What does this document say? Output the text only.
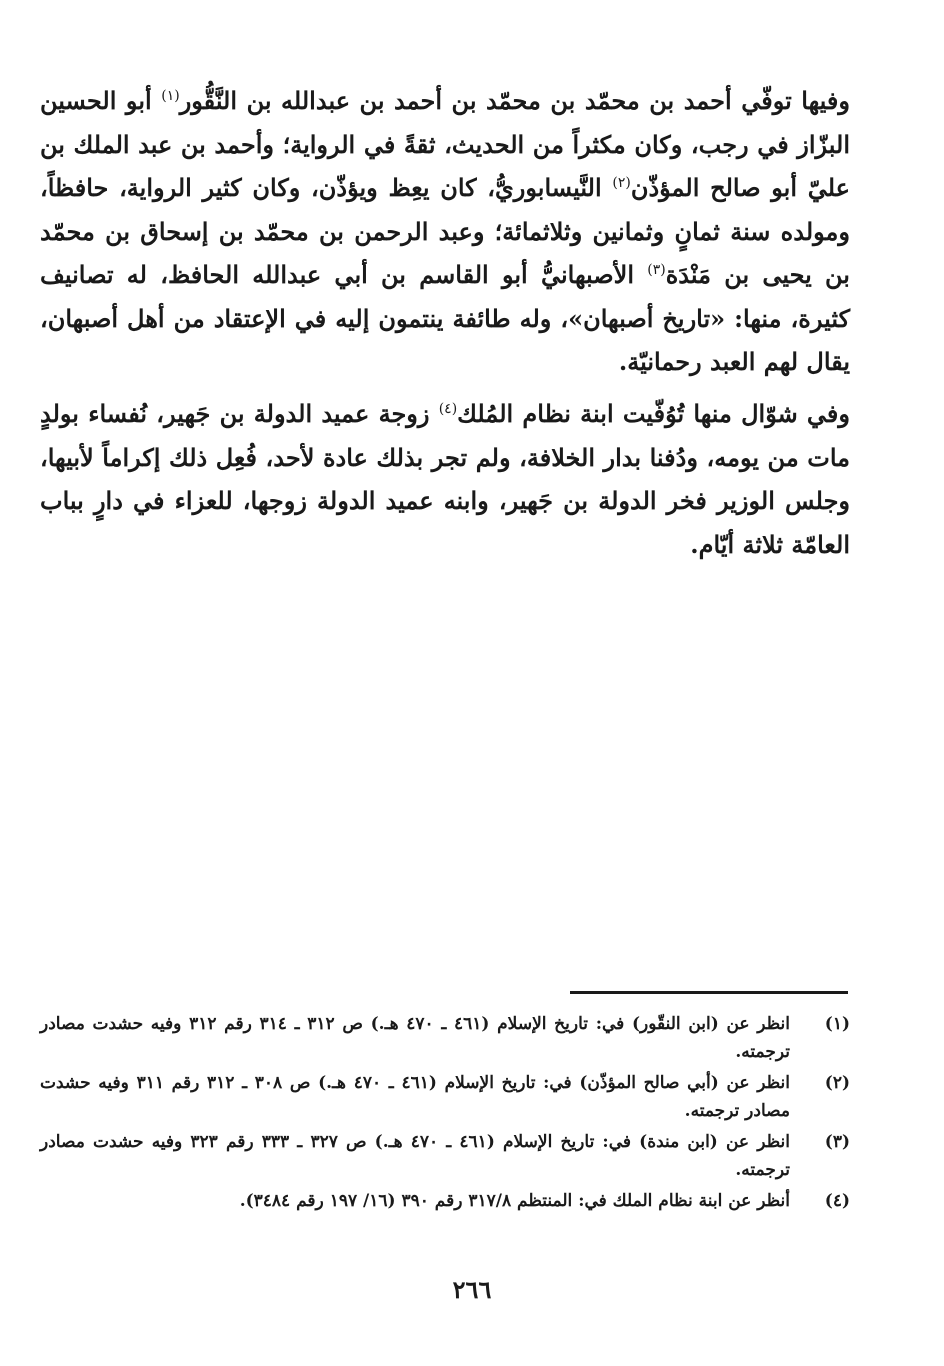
وفيها توفّي أحمد بن محمّد بن محمّد بن أحمد بن عبدالله بن النَّقُّور$^{(١)}$ أبو الحسين البزّاز في رجب، وكان مكثراً من الحديث، ثقةً في الرواية؛ وأحمد بن عبد الملك بن عليّ أبو صالح المؤذّن$^{(٢)}$ النَّيسابوريُّ، كان يعِظ ويؤذّن، وكان كثير الرواية، حافظاً، ومولده سنة ثمانٍ وثمانين وثلاثمائة؛ وعبد الرحمن بن محمّد بن إسحاق بن محمّد بن يحيى بن مَنْدَة$^{(٣)}$ الأصبهانيُّ أبو القاسم بن أبي عبدالله الحافظ، له تصانيف كثيرة، منها: «تاريخ أصبهان»، وله طائفة ينتمون إليه في الإعتقاد من أهل أصبهان، يقال لهم العبد رحمانيّة.
وفي شوّال منها تُوُفّيت ابنة نظام المُلك$^{(٤)}$ زوجة عميد الدولة بن جَهير، نُفساء بولدٍ مات من يومه، ودُفنا بدار الخلافة، ولم تجر بذلك عادة لأحد، فُعِل ذلك إكراماً لأبيها، وجلس الوزير فخر الدولة بن جَهير، وابنه عميد الدولة زوجها، للعزاء في دارٍ بباب العامّة ثلاثة أيّام.
(١)
انظر عن (ابن النقّور) في: تاريخ الإسلام (٤٦١ ـ ٤٧٠ هـ.) ص ٣١٢ ـ ٣١٤ رقم ٣١٢ وفيه حشدت مصادر ترجمته.
(٢)
انظر عن (أبي صالح المؤذّن) في: تاريخ الإسلام (٤٦١ ـ ٤٧٠ هـ.) ص ٣٠٨ ـ ٣١٢ رقم ٣١١ وفيه حشدت مصادر ترجمته.
(٣)
انظر عن (ابن مندة) في: تاريخ الإسلام (٤٦١ ـ ٤٧٠ هـ.) ص ٣٢٧ ـ ٣٣٣ رقم ٣٢٣ وفيه حشدت مصادر ترجمته.
(٤)
أنظر عن ابنة نظام الملك في: المنتظم ٣١٧/٨ رقم ٣٩٠ (١٦/ ١٩٧ رقم ٣٤٨٤).
٢٦٦
